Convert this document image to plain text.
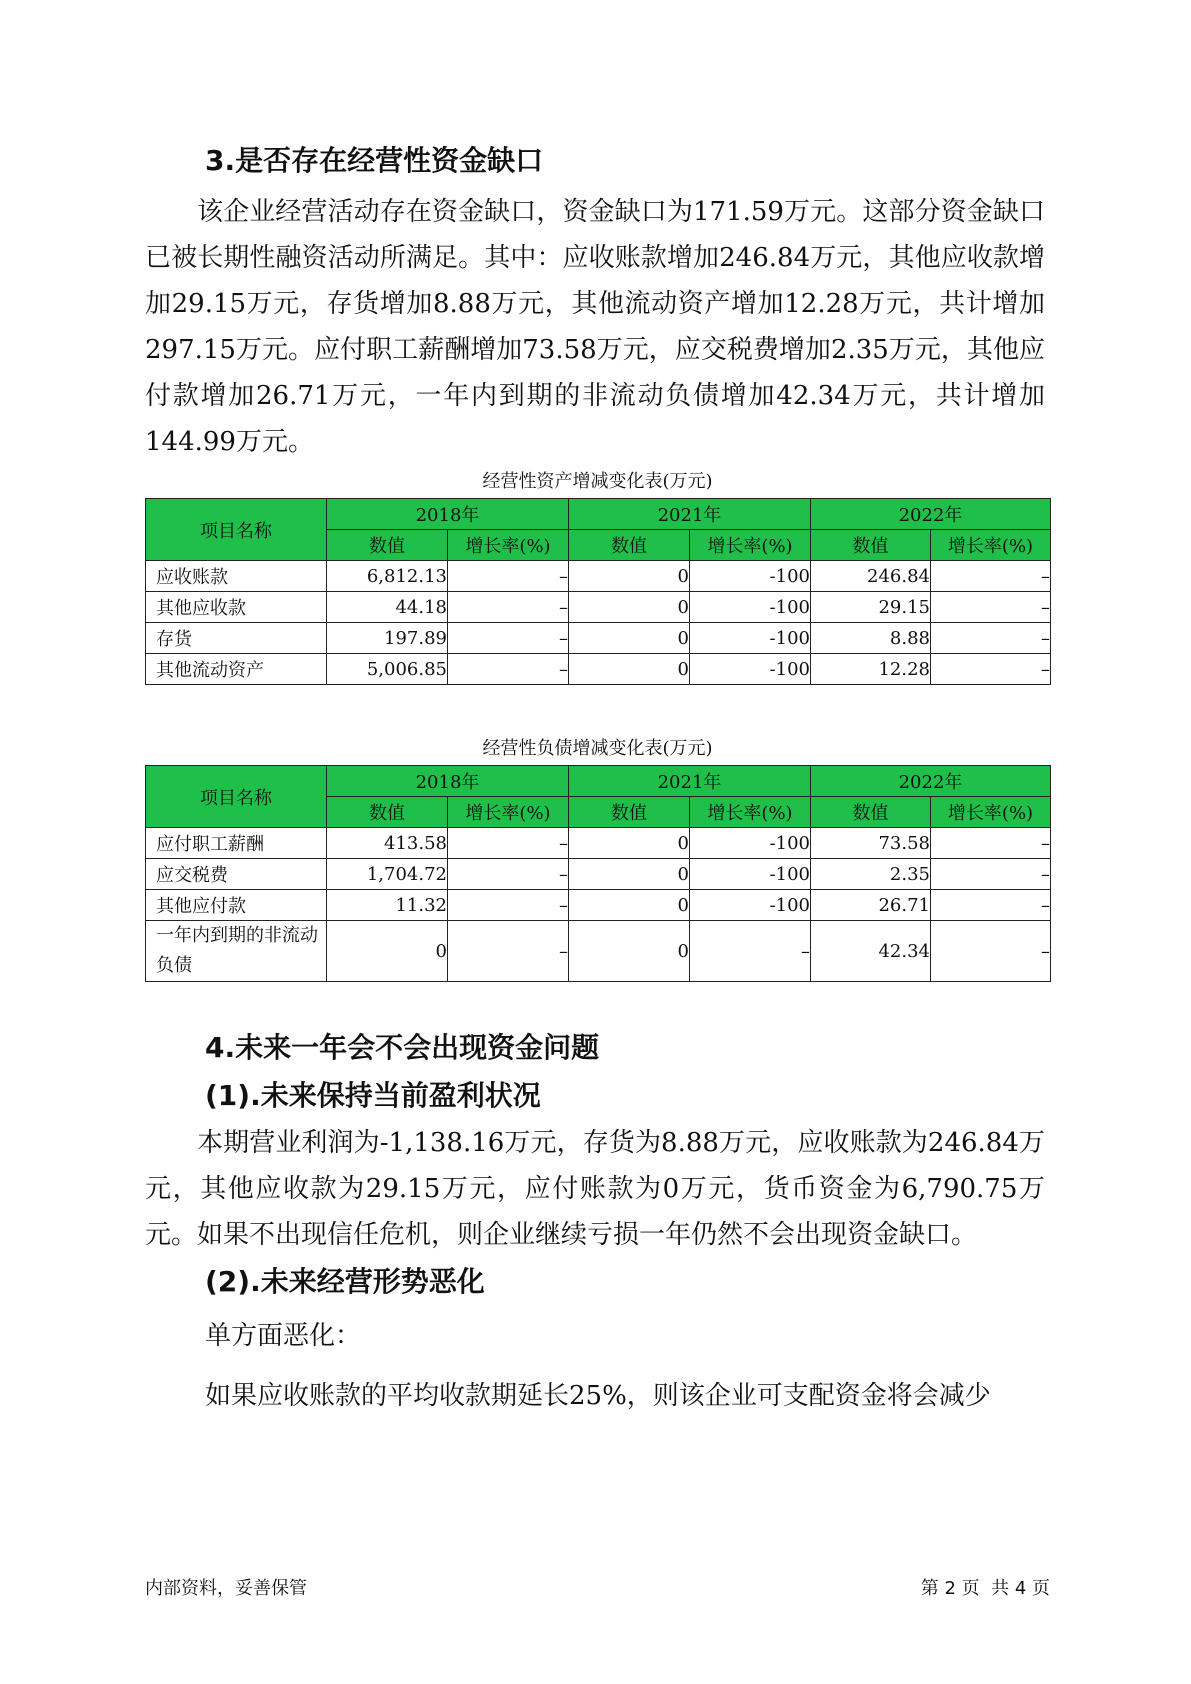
3.是否存在经营性资金缺口

该企业经营活动存在资金缺口，资金缺口为171.59万元。这部分资金缺口已被长期性融资活动所满足。其中：应收账款增加246.84万元，其他应收款增加29.15万元，存货增加8.88万元，其他流动资产增加12.28万元，共计增加297.15万元。应付职工薪酬增加73.58万元，应交税费增加2.35万元，其他应付款增加26.71万元，一年内到期的非流动负债增加42.34万元，共计增加144.99万元。

经营性资产增减变化表(万元)
项目名称	2018年		2021年		2022年	
	数值	增长率(%)	数值	增长率(%)	数值	增长率(%)
应收账款	6,812.13	–	0	-100	246.84	–
其他应收款	44.18	–	0	-100	29.15	–
存货	197.89	–	0	-100	8.88	–
其他流动资产	5,006.85	–	0	-100	12.28	–
经营性负债增减变化表(万元)
项目名称	2018年		2021年		2022年	
	数值	增长率(%)	数值	增长率(%)	数值	增长率(%)
应付职工薪酬	413.58	–	0	-100	73.58	–
应交税费	1,704.72	–	0	-100	2.35	–
其他应付款	11.32	–	0	-100	26.71	–
一年内到期的非流动负债	0	–	0	–	42.34	–
4.未来一年会不会出现资金问题
(1).未来保持当前盈利状况

本期营业利润为-1,138.16万元，存货为8.88万元，应收账款为246.84万元，其他应收款为29.15万元，应付账款为0万元，货币资金为6,790.75万元。如果不出现信任危机，则企业继续亏损一年仍然不会出现资金缺口。

(2).未来经营形势恶化
单方面恶化：
如果应收账款的平均收款期延长25%，则该企业可支配资金将会减少
内部资料，妥善保管	第 2 页  共 4 页
